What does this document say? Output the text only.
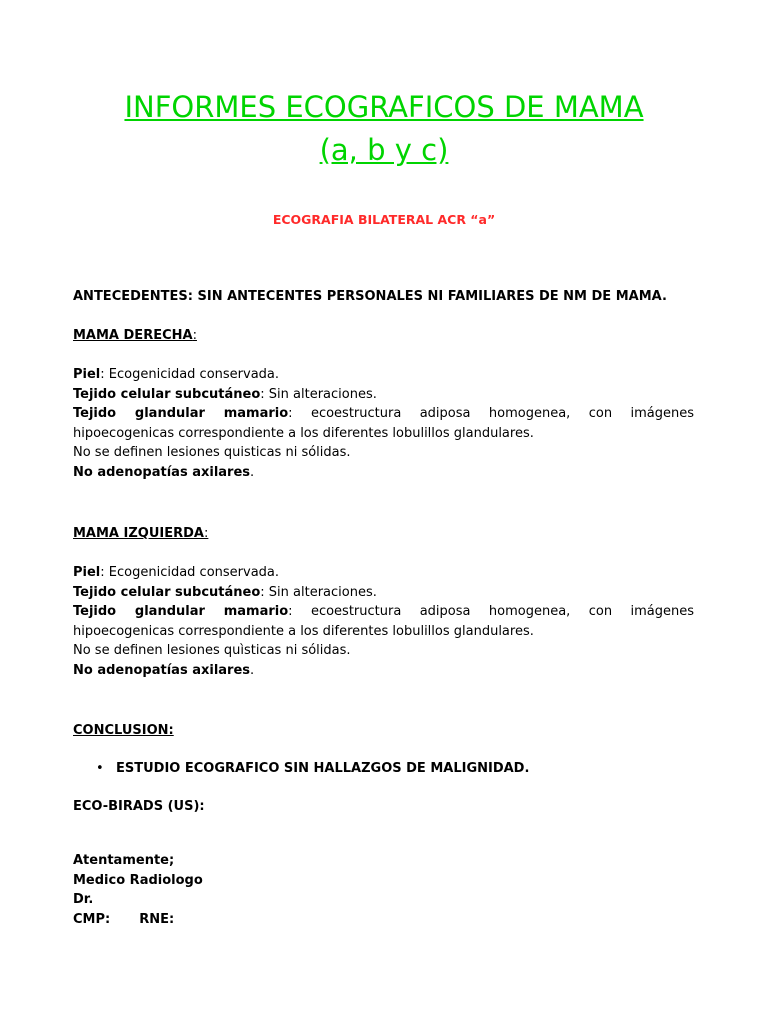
INFORMES ECOGRAFICOS DE MAMA
(a, b y c)
ECOGRAFIA BILATERAL ACR “a”

ANTECEDENTES: SIN ANTECENTES PERSONALES NI FAMILIARES DE NM DE MAMA.

MAMA DERECHA:

Piel: Ecogenicidad conservada.

Tejido celular subcutáneo: Sin alteraciones.

Tejido glandular mamario: ecoestructura adiposa homogenea, con imágenes

hipoecogenicas correspondiente a los diferentes lobulillos glandulares.

No se definen lesiones quisticas ni sólidas.

No adenopatías axilares.

MAMA IZQUIERDA:

Piel: Ecogenicidad conservada.

Tejido celular subcutáneo: Sin alteraciones.

Tejido glandular mamario: ecoestructura adiposa homogenea, con imágenes

hipoecogenicas correspondiente a los diferentes lobulillos glandulares.

No se definen lesiones quìsticas ni sólidas.

No adenopatías axilares.

CONCLUSION:

• ESTUDIO ECOGRAFICO SIN HALLAZGOS DE MALIGNIDAD.

ECO-BIRADS (US):

Atentamente;

Medico Radiologo

Dr.

CMP: RNE:
